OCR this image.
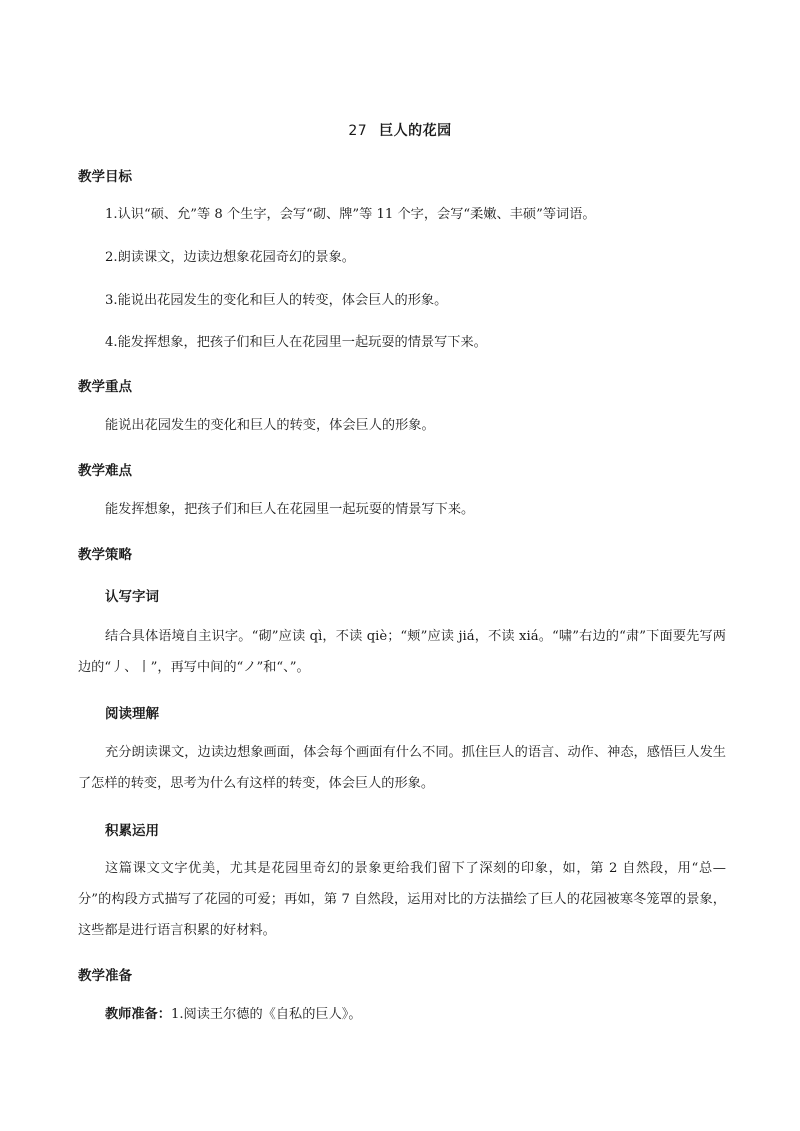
27 巨人的花园
教学目标
1.认识“硕、允”等 8 个生字，会写“砌、牌”等 11 个字，会写“柔嫩、丰硕”等词语。
2.朗读课文，边读边想象花园奇幻的景象。
3.能说出花园发生的变化和巨人的转变，体会巨人的形象。
4.能发挥想象，把孩子们和巨人在花园里一起玩耍的情景写下来。
教学重点
能说出花园发生的变化和巨人的转变，体会巨人的形象。
教学难点
能发挥想象，把孩子们和巨人在花园里一起玩耍的情景写下来。
教学策略
认写字词
结合具体语境自主识字。“砌”应读 qì，不读 qiè；“颊”应读 jiá，不读 xiá。“啸”右边的“肃”下面要先写两边的“丿、丨”，再写中间的“ノ”和“、”。
阅读理解
充分朗读课文，边读边想象画面，体会每个画面有什么不同。抓住巨人的语言、动作、神态，感悟巨人发生了怎样的转变，思考为什么有这样的转变，体会巨人的形象。
积累运用
这篇课文文字优美，尤其是花园里奇幻的景象更给我们留下了深刻的印象，如，第 2 自然段，用“总—分”的构段方式描写了花园的可爱；再如，第 7 自然段，运用对比的方法描绘了巨人的花园被寒冬笼罩的景象，这些都是进行语言积累的好材料。
教学准备
教师准备：1.阅读王尔德的《自私的巨人》。
